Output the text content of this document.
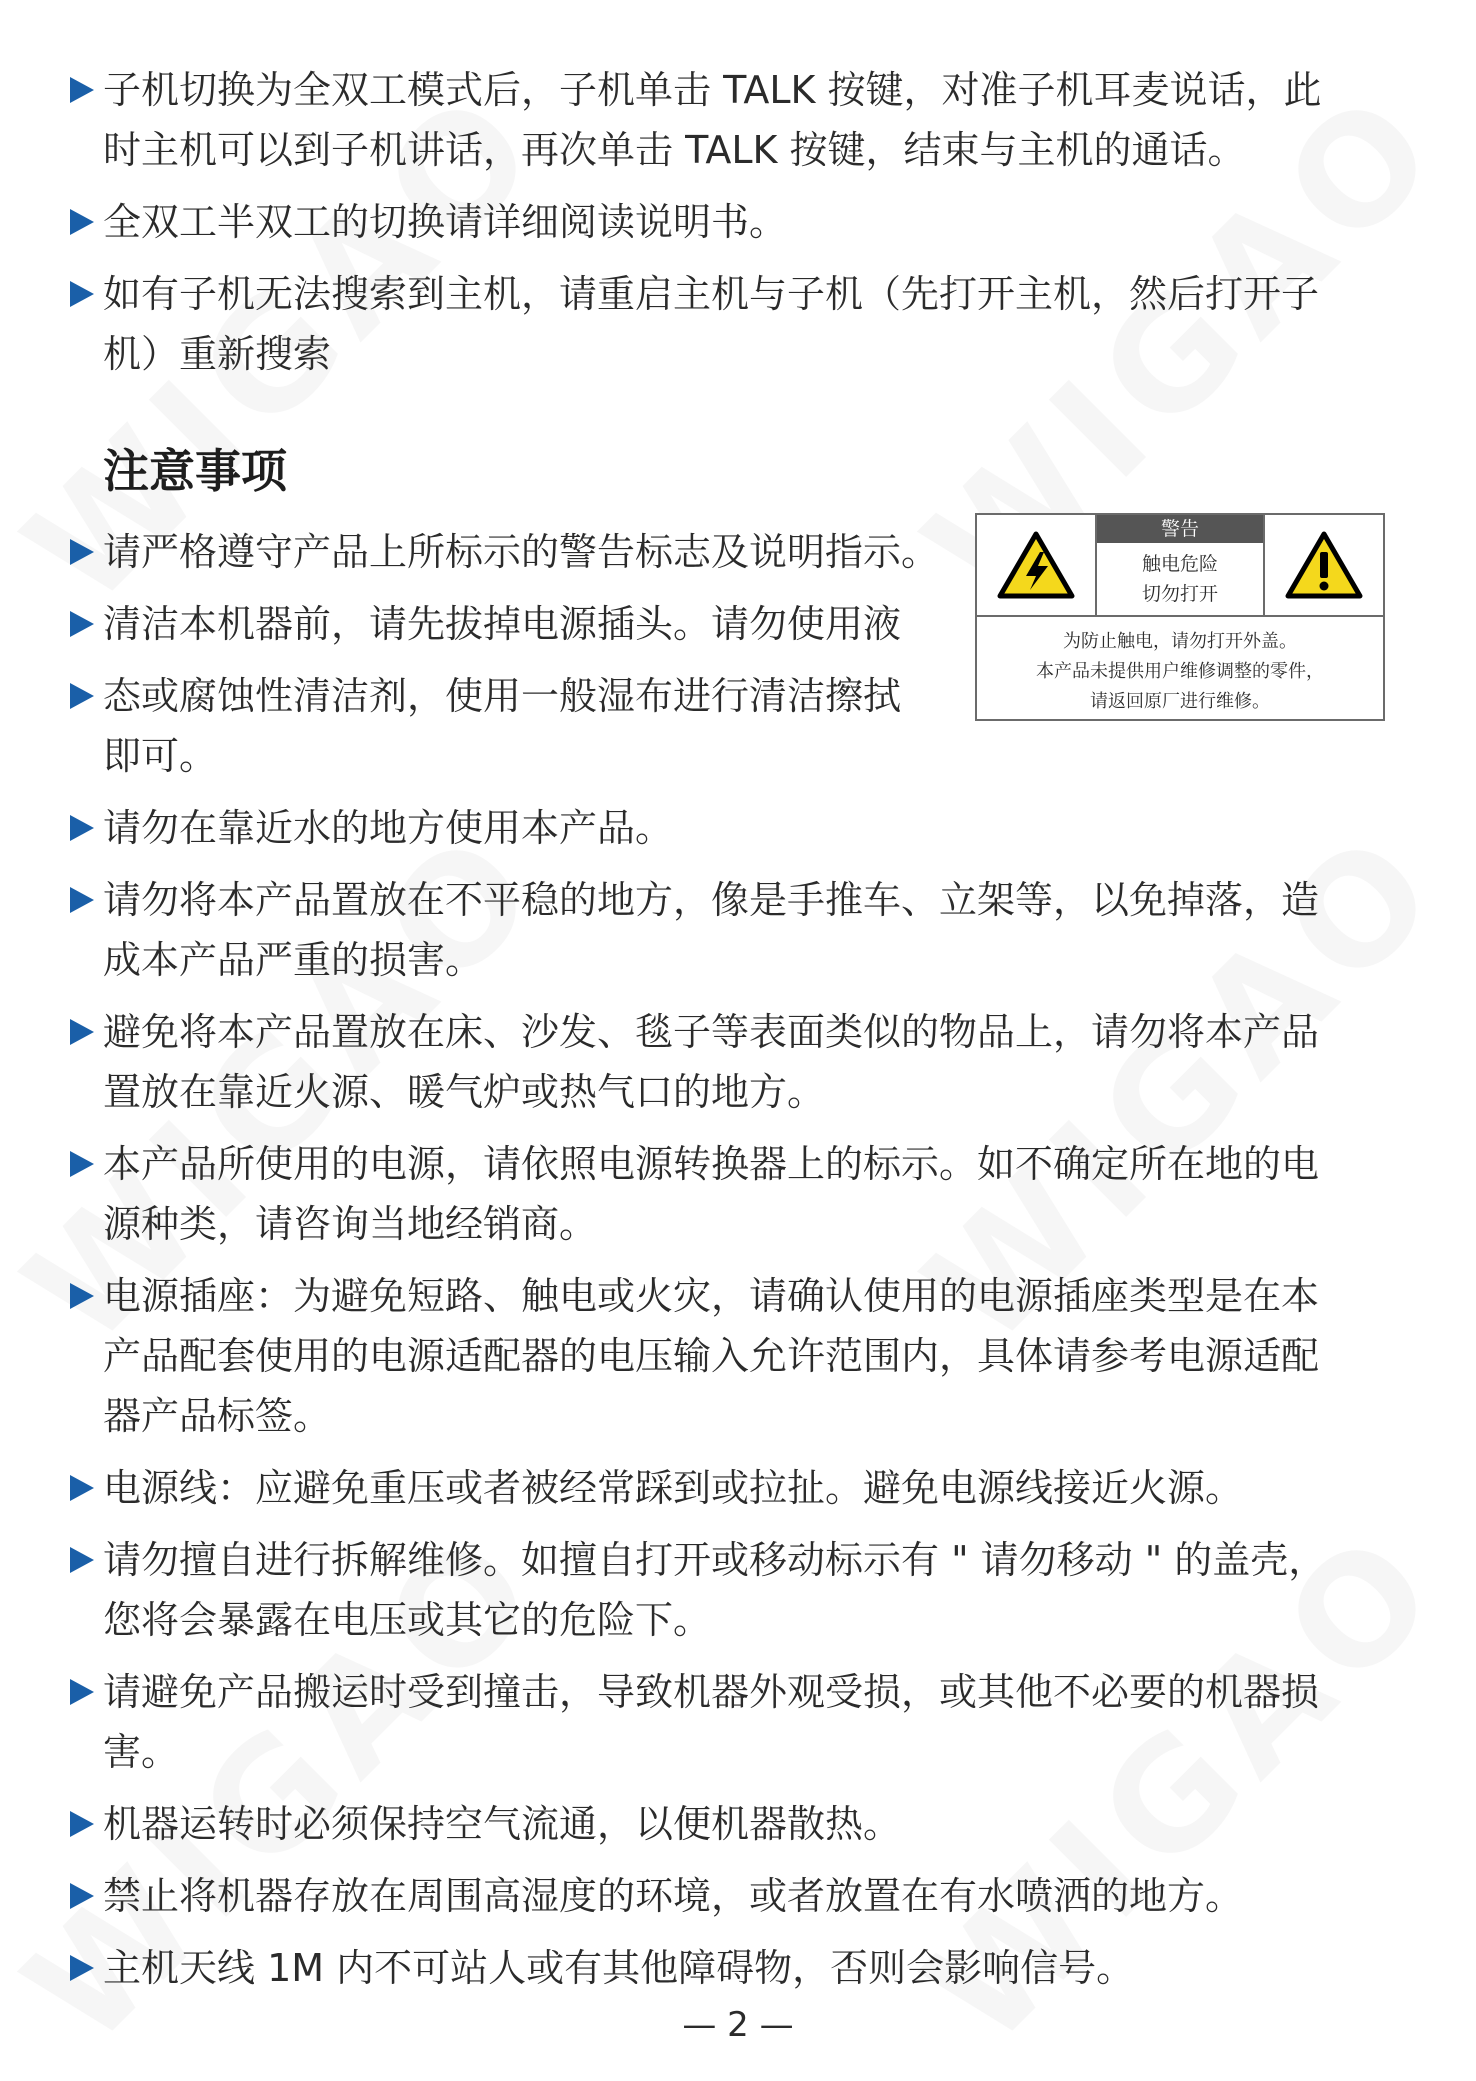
子机切换为全双工模式后，子机单击 TALK 按键，对准子机耳麦说话，此
时主机可以到子机讲话，再次单击 TALK 按键，结束与主机的通话。
全双工半双工的切换请详细阅读说明书。
如有子机无法搜索到主机，请重启主机与子机（先打开主机，然后打开子
机）重新搜索
注意事项
请严格遵守产品上所标示的警告标志及说明指示。
清洁本机器前，请先拔掉电源插头。请勿使用液
态或腐蚀性清洁剂，使用一般湿布进行清洁擦拭
即可。
请勿在靠近水的地方使用本产品。
请勿将本产品置放在不平稳的地方，像是手推车、立架等，以免掉落，造
成本产品严重的损害。
避免将本产品置放在床、沙发、毯子等表面类似的物品上，请勿将本产品
置放在靠近火源、暖气炉或热气口的地方。
本产品所使用的电源，请依照电源转换器上的标示。如不确定所在地的电
源种类，请咨询当地经销商。
电源插座：为避免短路、触电或火灾，请确认使用的电源插座类型是在本
产品配套使用的电源适配器的电压输入允许范围内，具体请参考电源适配
器产品标签。
电源线：应避免重压或者被经常踩到或拉扯。避免电源线接近火源。
请勿擅自进行拆解维修。如擅自打开或移动标示有 " 请勿移动 " 的盖壳，
您将会暴露在电压或其它的危险下。
请避免产品搬运时受到撞击，导致机器外观受损，或其他不必要的机器损
害。
机器运转时必须保持空气流通，以便机器散热。
禁止将机器存放在周围高湿度的环境，或者放置在有水喷洒的地方。
主机天线 1M 内不可站人或有其他障碍物，否则会影响信号。
警告
触电危险
切勿打开
为防止触电，请勿打开外盖。
本产品未提供用户维修调整的零件，
请返回原厂进行维修。
— 2 —
